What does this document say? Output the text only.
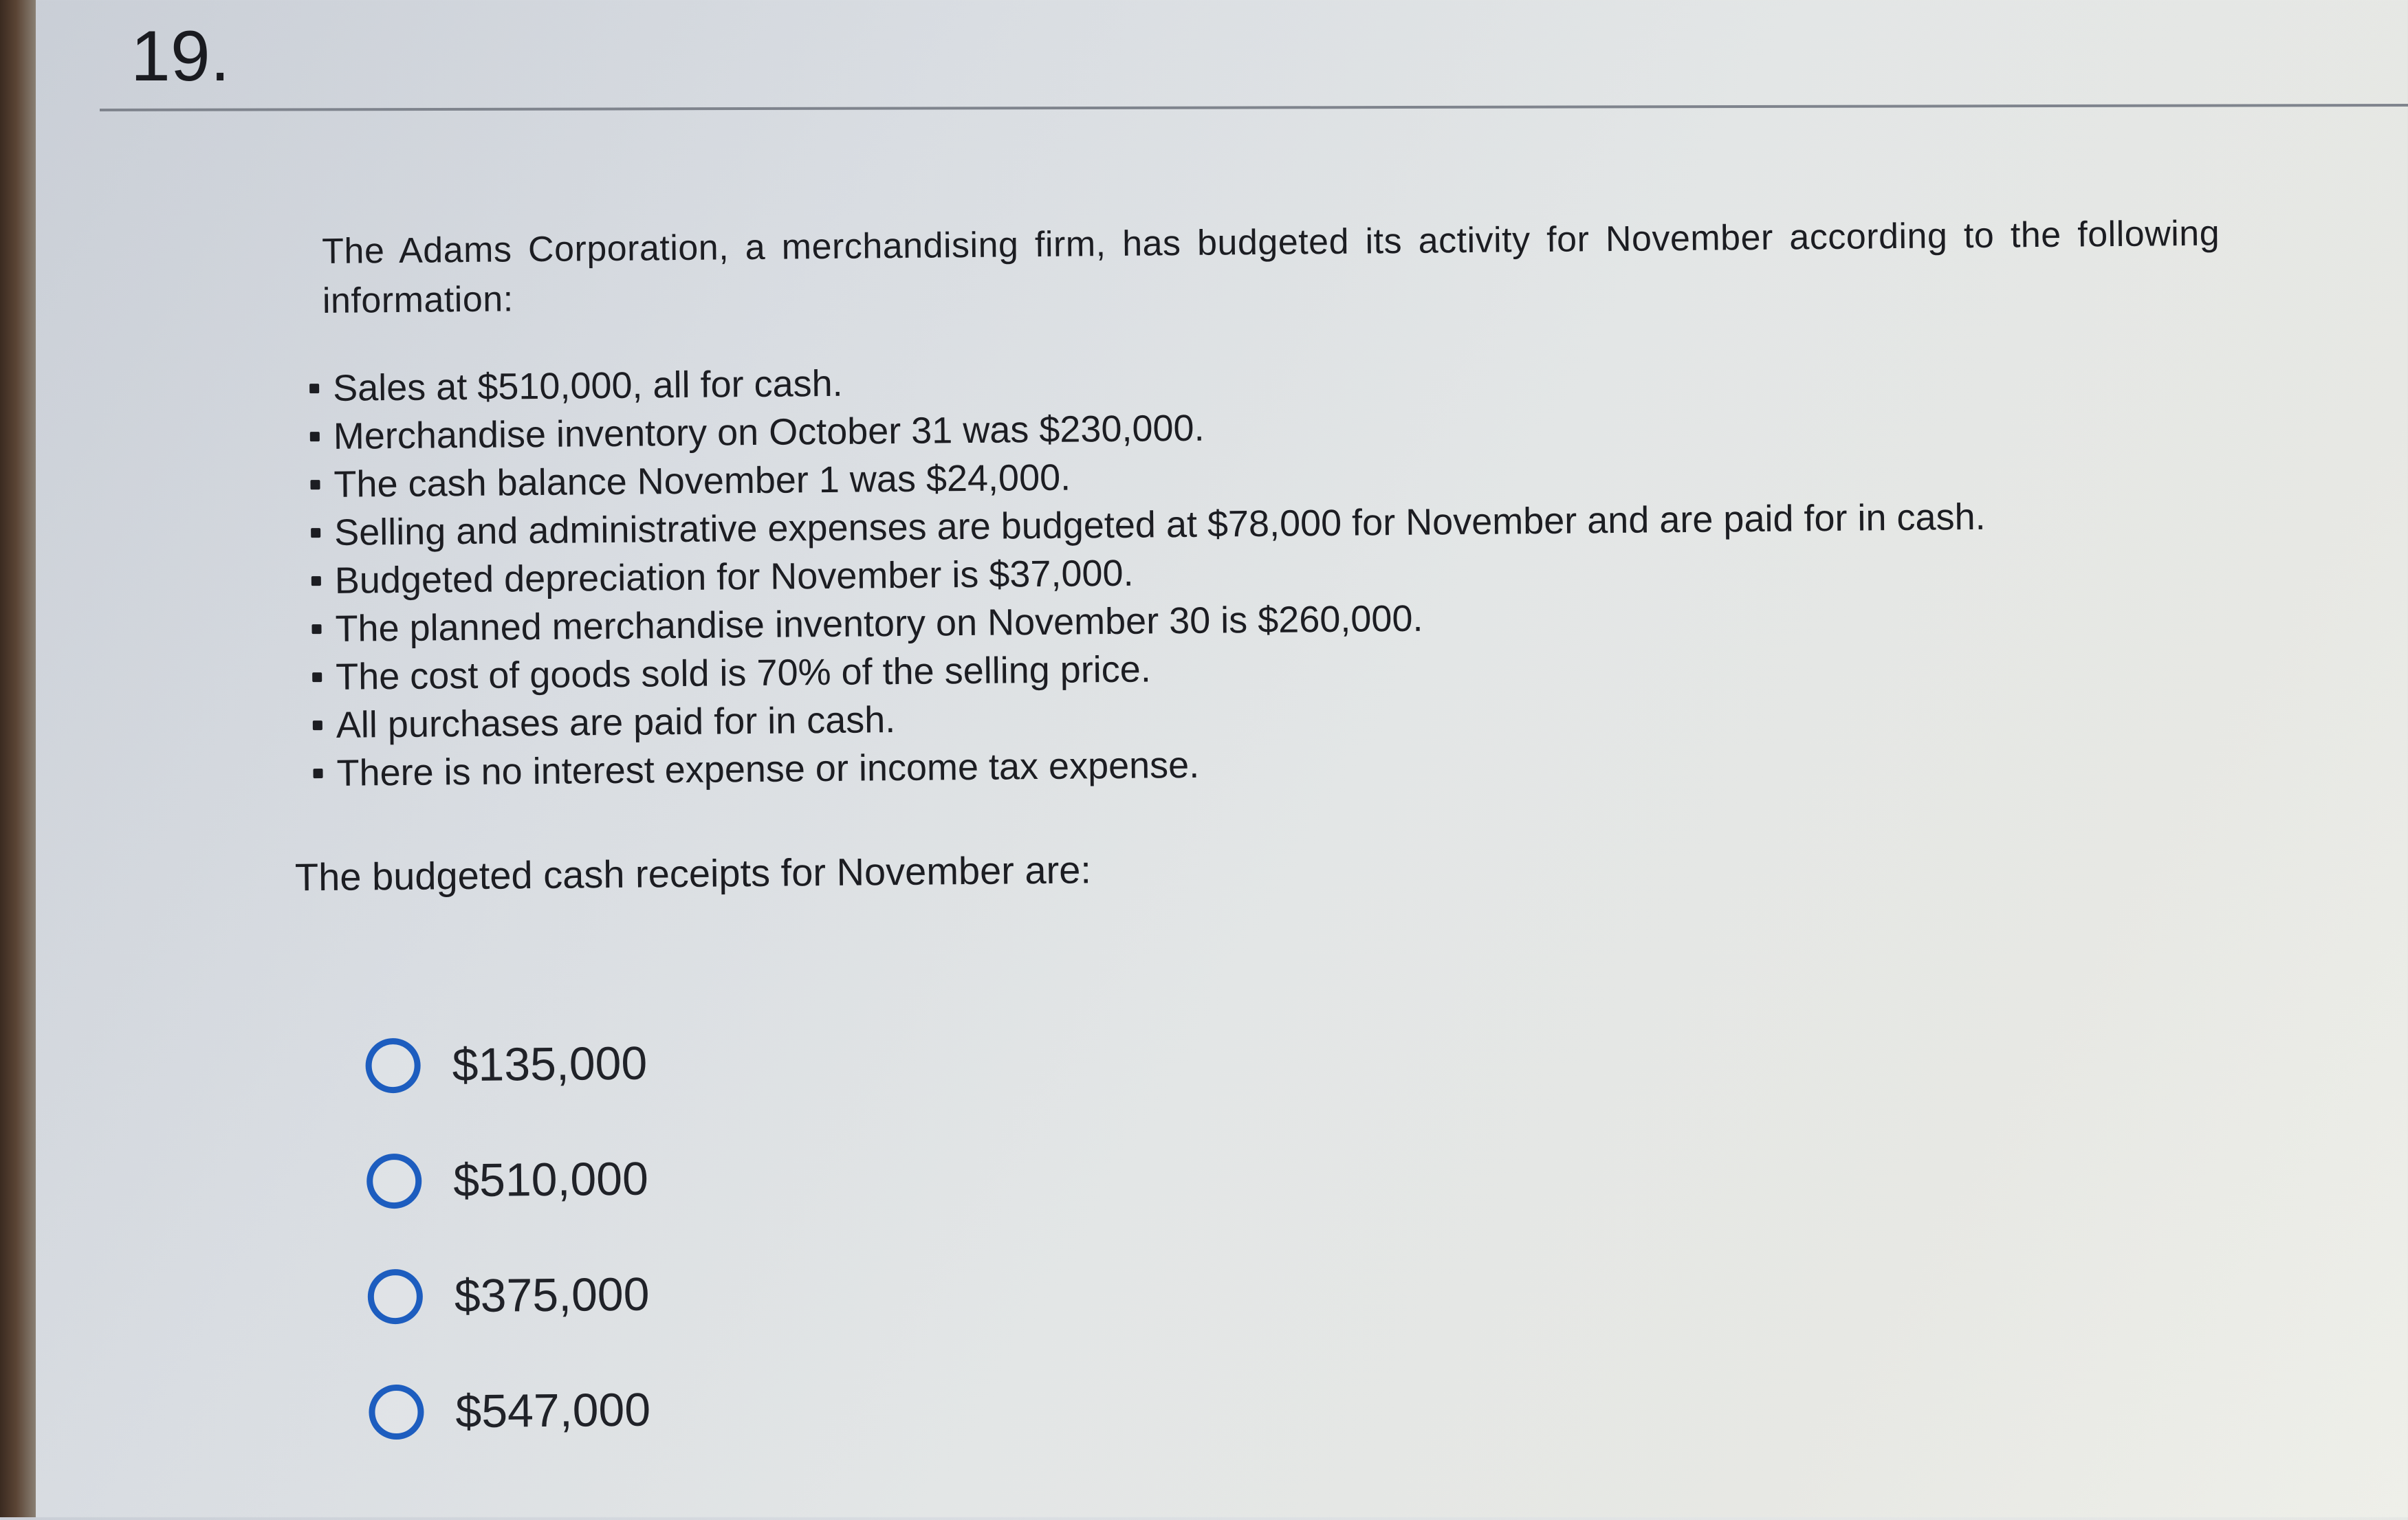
19.
The Adams Corporation, a merchandising firm, has budgeted its activity for November according to the following information:
Sales at $510,000, all for cash.
Merchandise inventory on October 31 was $230,000.
The cash balance November 1 was $24,000.
Selling and administrative expenses are budgeted at $78,000 for November and are paid for in cash.
Budgeted depreciation for November is $37,000.
The planned merchandise inventory on November 30 is $260,000.
The cost of goods sold is 70% of the selling price.
All purchases are paid for in cash.
There is no interest expense or income tax expense.
The budgeted cash receipts for November are:
$135,000
$510,000
$375,000
$547,000
